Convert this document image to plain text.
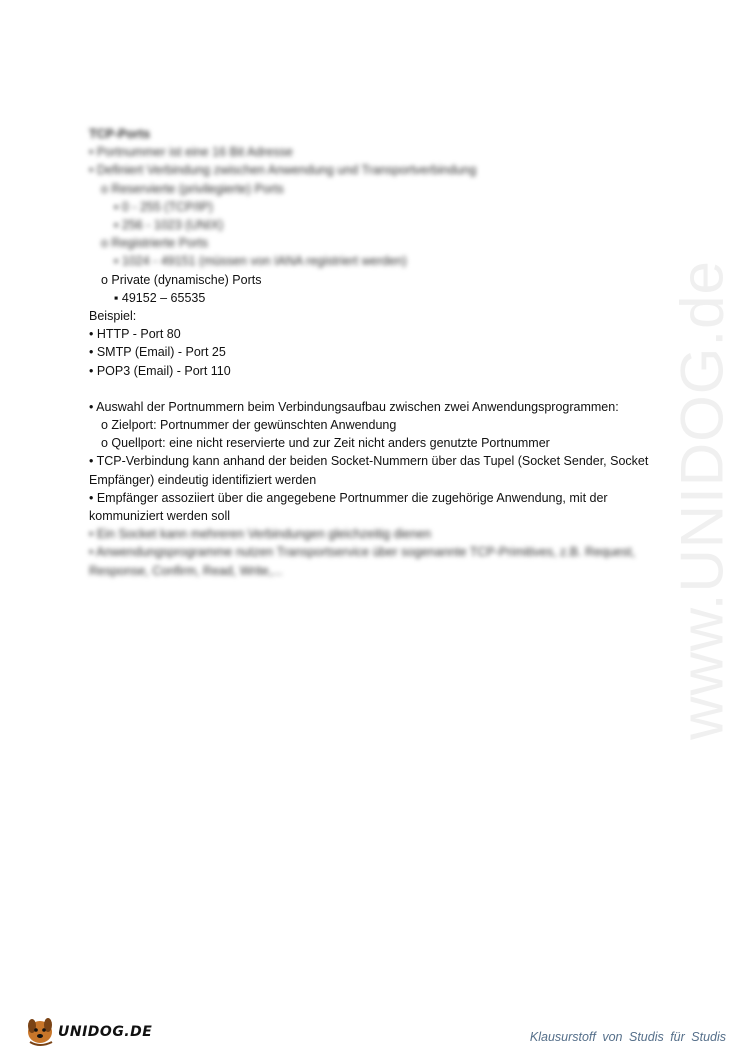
www.UNIDOG.de
TCP-Ports
• Portnummer ist eine 16 Bit Adresse
• Definiert Verbindung zwischen Anwendung und Transportverbindung
o Reservierte (privilegierte) Ports
▪ 0 - 255 (TCP/IP)
▪ 256 - 1023 (UNIX)
o Registrierte Ports
▪ 1024 - 49151 (müssen von IANA registriert werden)
o Private (dynamische) Ports
▪ 49152 – 65535
Beispiel:
• HTTP - Port 80
• SMTP (Email) - Port 25
• POP3 (Email) - Port 110
• Auswahl der Portnummern beim Verbindungsaufbau zwischen zwei Anwendungsprogrammen:
o Zielport: Portnummer der gewünschten Anwendung
o Quellport: eine nicht reservierte und zur Zeit nicht anders genutzte Portnummer
• TCP-Verbindung kann anhand der beiden Socket-Nummern über das Tupel (Socket Sender, Socket Empfänger) eindeutig identifiziert werden
• Empfänger assoziiert über die angegebene Portnummer die zugehörige Anwendung, mit der kommuniziert werden soll
• Ein Socket kann mehreren Verbindungen gleichzeitig dienen
• Anwendungsprogramme nutzen Transportservice über sogenannte TCP-Primitives, z.B. Request, Response, Confirm, Read, Write,...
UNIDOG.DE	Klausurstoff von Studis für Studis
